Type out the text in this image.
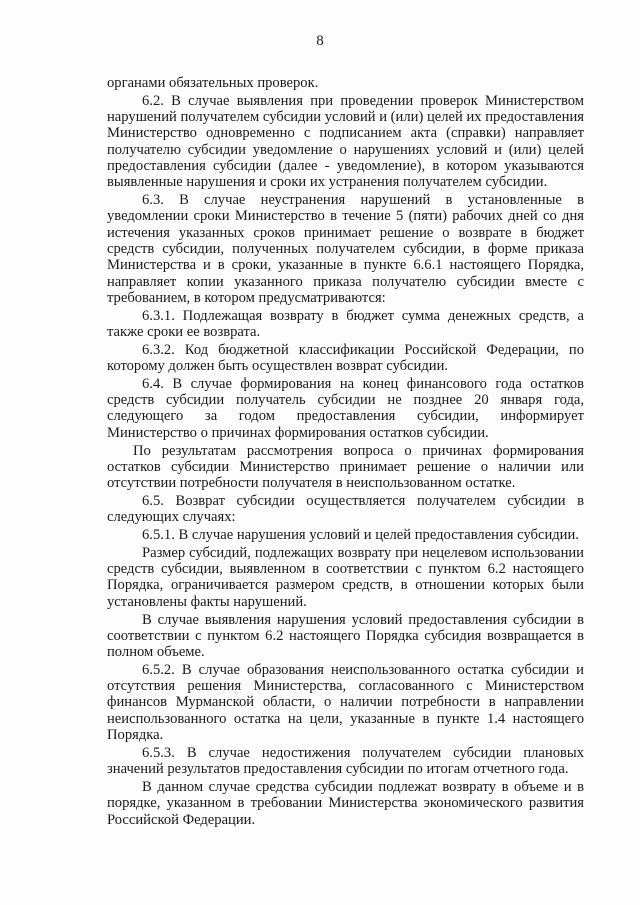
8

органами обязательных проверок.

6.2. В случае выявления при проведении проверок Министерством нарушений получателем субсидии условий и (или) целей их предоставления Министерство одновременно с подписанием акта (справки) направляет получателю субсидии уведомление о нарушениях условий и (или) целей предоставления субсидии (далее - уведомление), в котором указываются выявленные нарушения и сроки их устранения получателем субсидии.

6.3. В случае неустранения нарушений в установленные в уведомлении сроки Министерство в течение 5 (пяти) рабочих дней со дня истечения указанных сроков принимает решение о возврате в бюджет средств субсидии, полученных получателем субсидии, в форме приказа Министерства и в сроки, указанные в пункте 6.6.1 настоящего Порядка, направляет копии указанного приказа получателю субсидии вместе с требованием, в котором предусматриваются:

6.3.1. Подлежащая возврату в бюджет сумма денежных средств, а также сроки ее возврата.

6.3.2. Код бюджетной классификации Российской Федерации, по которому должен быть осуществлен возврат субсидии.

6.4. В случае формирования на конец финансового года остатков средств субсидии получатель субсидии не позднее 20 января года, следующего за годом предоставления субсидии, информирует Министерство о причинах формирования остатков субсидии.

По результатам рассмотрения вопроса о причинах формирования остатков субсидии Министерство принимает решение о наличии или отсутствии потребности получателя в неиспользованном остатке.

6.5. Возврат субсидии осуществляется получателем субсидии в следующих случаях:

6.5.1. В случае нарушения условий и целей предоставления субсидии.

Размер субсидий, подлежащих возврату при нецелевом использовании средств субсидии, выявленном в соответствии с пунктом 6.2 настоящего Порядка, ограничивается размером средств, в отношении которых были установлены факты нарушений.

В случае выявления нарушения условий предоставления субсидии в соответствии с пунктом 6.2 настоящего Порядка субсидия возвращается в полном объеме.

6.5.2. В случае образования неиспользованного остатка субсидии и отсутствия решения Министерства, согласованного с Министерством финансов Мурманской области, о наличии потребности в направлении неиспользованного остатка на цели, указанные в пункте 1.4 настоящего Порядка.

6.5.3. В случае недостижения получателем субсидии плановых значений результатов предоставления субсидии по итогам отчетного года.

В данном случае средства субсидии подлежат возврату в объеме и в порядке, указанном в требовании Министерства экономического развития Российской Федерации.
